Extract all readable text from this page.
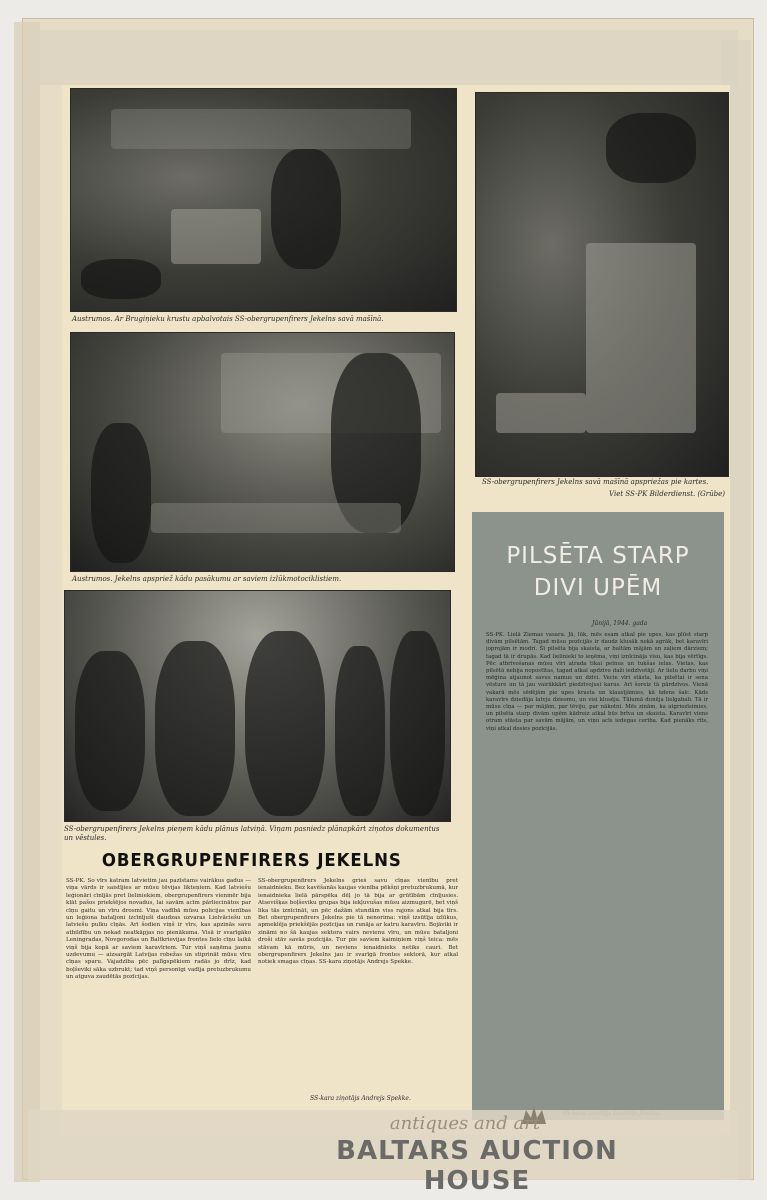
Austrumos. Ar Brugiņieku krustu apbalvotais SS-obergrupenfirers Jekelns savā mašīnā.
SS-obergrupenfirers Jekelns savā mašīnā apspriežas pie kartes.
Viet SS-PK Bilderdienst. (Grūbe)
Austrumos. Jekelns apspriež kādu pasākumu ar saviem izlūkmotociklistiem.
SS-obergrupenfirers Jekelns pieņem kādu plānus latviņā. Viņam pasniedz plānapkārt ziņotos dokumentus un vēstules.
OBERGRUPENFIRERS JEKELNS
SS-PK. Šo vīrs katram latvietim jau pazīstams vairākus gadus — viņa vārds ir saistījies ar mūsu tēvijas likteņiem. Kad latviešu leģionāri cīnījās pret lieliniekiem, obergrupenfirers vienmēr bija klāt pašos priekšējos novadus, lai savām acīm pārliecinātos par cīņu gaitu un vīru drosmi. Viņa vadībā mūsu policijas vienības un leģiona bataljoni izcīnījuši daudzas uzvaras Lielvāciešu un latviešu pulku cīņās. Arī šodien viņš ir vīrs, kas apzinās savu atbildību un nekad neatkāpjas no pienākuma. Visā ir svarīgāko Leningradas, Novgorodas un Baltkrievijas frontes lielo cīņu laikā viņš bija kopā ar saviem karavīriem. Tur viņš saņēma jaunu uzdevumu — aizsargāt Latvijas robežas un stiprināt mūsu vīru cīņas sparu. Vajadzība pēc palīgspēkiem radās jo drīz, kad boļševiki sāka uzbrukt; tad viņš personīgi vadīja pretuzbrukumu un atguva zaudētās pozīcijas.
SS-obergrupenfirers Jekelns grieš savu cīņas vienību pret ienaidnieku. Bez kavēšanās kaujas vienība pēkšņi pretuzbrukumā, kur ienaidnieka lielā pārspēka dēļ jo tā bija ar grūtībām cīnījusies. Atsevišķas boļševiku grupas bija iekļuvušas mūsu aizmugurē, bet viņš lika tās iznīcināt, un pēc dažām stundām viss rajons atkal bija tīrs. Bet obergrupenfirers Jekelns pie tā nenorima: viņš izsūtīja izlūkus, apmeklēja priekšējās pozīcijas un runāja ar katru karavīru. Bojāviki ir zināmi no šā kaujas sektora vairs nevienu vīru, un mūsu bataljoni droši stāv savās pozīcijās. Tur pie saviem kaimiņiem viņš teica: mēs stāvam kā mūris, un neviens ienaidnieks netiks cauri. Bet obergrupenfirers Jekelns jau ir svarīgā frontes sektorā, kur atkal notiek smagas cīņas. SS-kara ziņotājs Andrejs Spekke.
SS-kara ziņotājs Andrejs Spekke.
PILSĒTA STARP
DIVI UPĒM
Jūnijā, 1944. gada
SS-PK. Lielā Ziemas vasara. Jā, lūk, mēs esam atkal pie upes, kas plūst starp divām pilsētām. Tagad mūsu pozīcijās ir daudz klusāk nekā agrāk, bet karavīri joprojām ir modri. Šī pilsēta bija skaista, ar baltām mājām un zaļiem dārziem; tagad tā ir drupās. Kad lielinieki to ieņēma, viņi iznīcināja visu, kas bija vērtīgs. Pēc atbrīvošanas mūsu vīri atrada tikai pelnus un tukšas ielas. Vietas, kas pilsētā nebija nopostītas, tagad atkal apdzīvo daži iedzīvotāji. Ar lielu darbu viņi mēģina atjaunot savus namus un dzīvi. Vecie vīri stāsta, ka pilsētai ir sena vēsture un tā jau vairākkārt piedzīvojusi karus. Arī šoreiz tā pārdzīvos. Vienā vakarā mēs sēdējām pie upes krasta un klausījāmies, kā ūdens šalc. Kāds karavīrs dziedāja latvju dziesmu, un visi klusēja. Tālumā dunēja lielgabali. Tā ir mūsu cīņa — par mājām, par tēviju, par nākotni. Mēs zinām, ka atgriezīsimies, un pilsēta starp divām upēm kādreiz atkal būs brīva un skaista. Karavīri viens otram stāsta par savām mājām, un viņu acīs iedegas cerība. Kad pienāks rīts, viņi atkal dosies pozīcijās.
antiques and art
BALTARS AUCTION HOUSE
